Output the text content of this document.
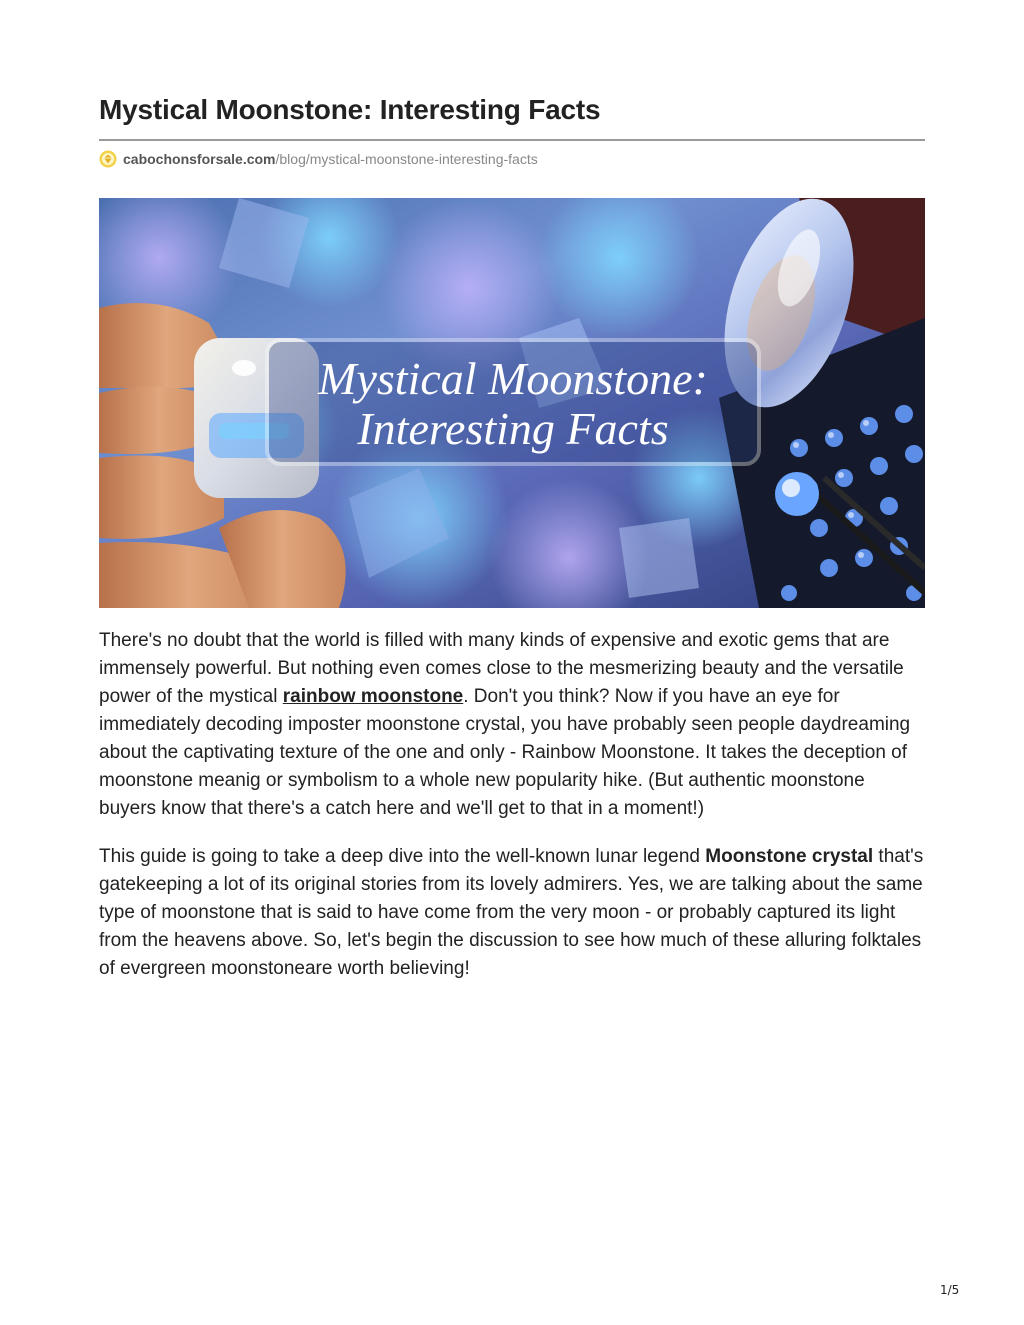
Mystical Moonstone: Interesting Facts
cabochonsforsale.com /blog/mystical-moonstone-interesting-facts
Mystical Moonstone:
Interesting Facts

There's no doubt that the world is filled with many kinds of expensive and exotic gems that are immensely powerful. But nothing even comes close to the mesmerizing beauty and the versatile power of the mystical rainbow moonstone. Don't you think? Now if you have an eye for immediately decoding imposter moonstone crystal, you have probably seen people daydreaming about the captivating texture of the one and only - Rainbow Moonstone. It takes the deception of moonstone meanig or symbolism to a whole new popularity hike. (But authentic moonstone buyers know that there's a catch here and we'll get to that in a moment!)

This guide is going to take a deep dive into the well-known lunar legend Moonstone crystal that's gatekeeping a lot of its original stories from its lovely admirers. Yes, we are talking about the same type of moonstone that is said to have come from the very moon - or probably captured its light from the heavens above. So, let's begin the discussion to see how much of these alluring folktales of evergreen moonstoneare worth believing!

1/5
